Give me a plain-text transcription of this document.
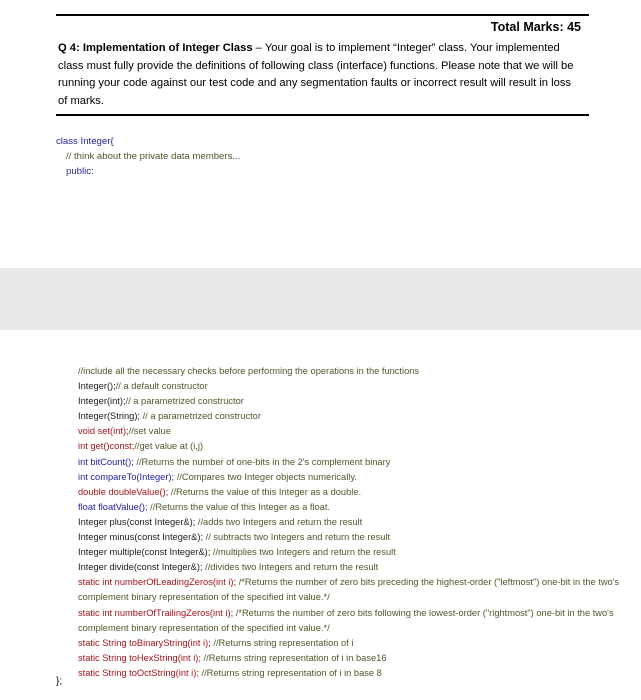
Total Marks: 45
Q 4: Implementation of Integer Class – Your goal is to implement “Integer” class. Your implemented class must fully provide the definitions of following class (interface) functions. Please note that we will be running your code against our test code and any segmentation faults or incorrect result will result in loss of marks.
class Integer{
// think about the private data members...
public:
//include all the necessary checks before performing the operations in the functions
Integer();// a default constructor
Integer(int);// a parametrized constructor
Integer(String); // a parametrized constructor
void set(int);//set value
int get()const;//get value at (i,j)
int bitCount(); //Returns the number of one-bits in the 2's complement binary
int compareTo(Integer); //Compares two Integer objects numerically.
double doubleValue(); //Returns the value of this Integer as a double.
float floatValue(); //Returns the value of this Integer as a float.
Integer plus(const Integer&); //adds two Integers and return the result
Integer minus(const Integer&); // subtracts two Integers and return the result
Integer multiple(const Integer&); //multiplies two Integers and return the result
Integer divide(const Integer&); //divides two Integers and return the result
static int numberOfLeadingZeros(int i); /*Returns the number of zero bits preceding the highest-order ("leftmost") one-bit in the two's complement binary representation of the specified int value.*/
static int numberOfTrailingZeros(int i); /*Returns the number of zero bits following the lowest-order ("rightmost") one-bit in the two's complement binary representation of the specified int value.*/
static String toBinaryString(int i); //Returns string representation of i
static String toHexString(int i); //Returns string representation of i in base16
static String toOctString(int i); //Returns string representation of i in base 8
};
